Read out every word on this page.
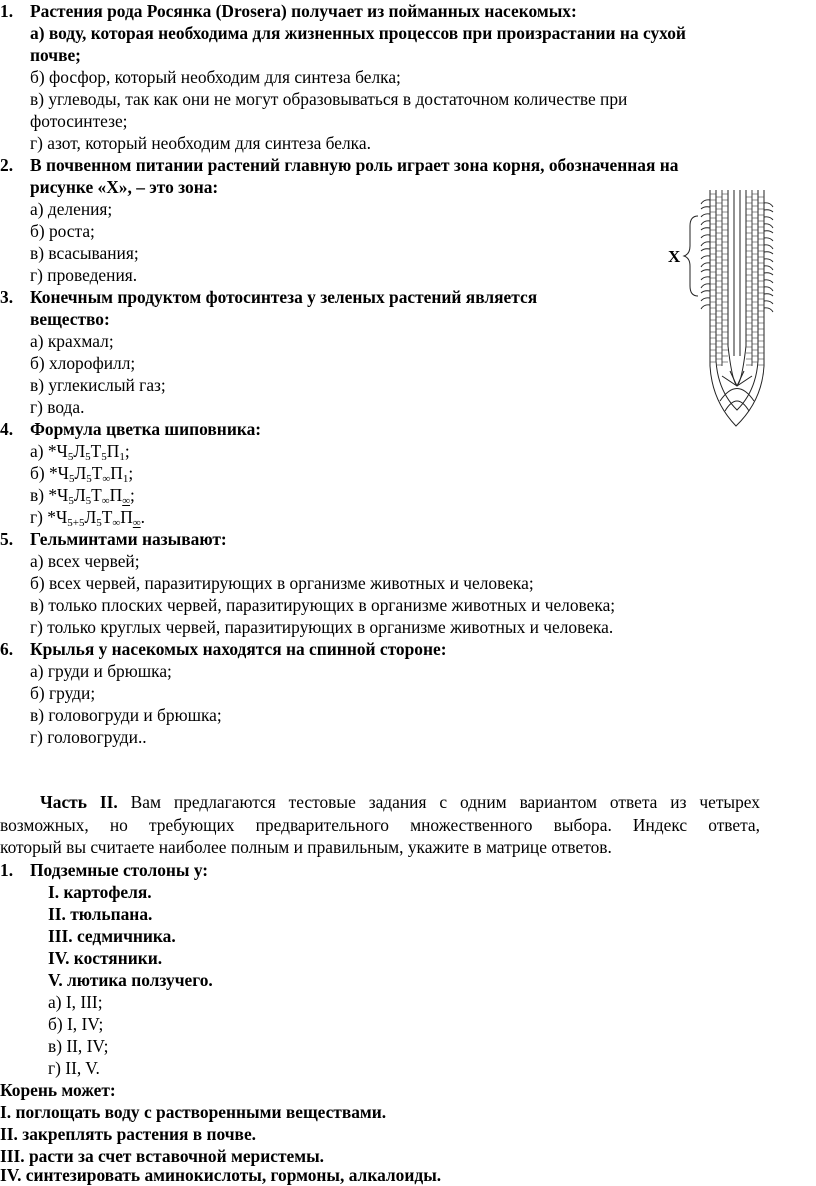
1. Растения рода Росянка (Drosera) получает из пойманных насекомых:
а) воду, которая необходима для жизненных процессов при произрастании на сухой
почве;
б) фосфор, который необходим для синтеза белка;
в) углеводы, так как они не могут образовываться в достаточном количестве при
фотосинтезе;
г) азот, который необходим для синтеза белка.
2. В почвенном питании растений главную роль играет зона корня, обозначенная на
рисунке «Х», – это зона:
а) деления;
б) роста;
в) всасывания;
г) проведения.
X
3. Конечным продуктом фотосинтеза у зеленых растений является
вещество:
а) крахмал;
б) хлорофилл;
в) углекислый газ;
г) вода.
4. Формула цветка шиповника:
а) $*Ч_5Л_5Т_5П_1$;
б) $*Ч_5Л_5Т_\infty П_1$;
в) $*Ч_5Л_5Т_\infty П_\infty$;
г) $*Ч_{5+5}Л_5Т_\infty П_\infty$.
5. Гельминтами называют:
а) всех червей;
б) всех червей, паразитирующих в организме животных и человека;
в) только плоских червей, паразитирующих в организме животных и человека;
г) только круглых червей, паразитирующих в организме животных и человека.
6. Крылья у насекомых находятся на спинной стороне:
а) груди и брюшка;
б) груди;
в) головогруди и брюшка;
г) головогруди..
Часть II. Вам предлагаются тестовые задания с одним вариантом ответа из четырех
возможных, но требующих предварительного множественного выбора. Индекс ответа,
который вы считаете наиболее полным и правильным, укажите в матрице ответов.
1. Подземные столоны у:
I. картофеля.
II. тюльпана.
III. седмичника.
IV. костяники.
V. лютика ползучего.
а) I, III;
б) I, IV;
в) II, IV;
г) II, V.
Корень может:
I. поглощать воду с растворенными веществами.
II. закреплять растения в почве.
III. расти за счет вставочной меристемы.
IV. синтезировать аминокислоты, гормоны, алкалоиды.
